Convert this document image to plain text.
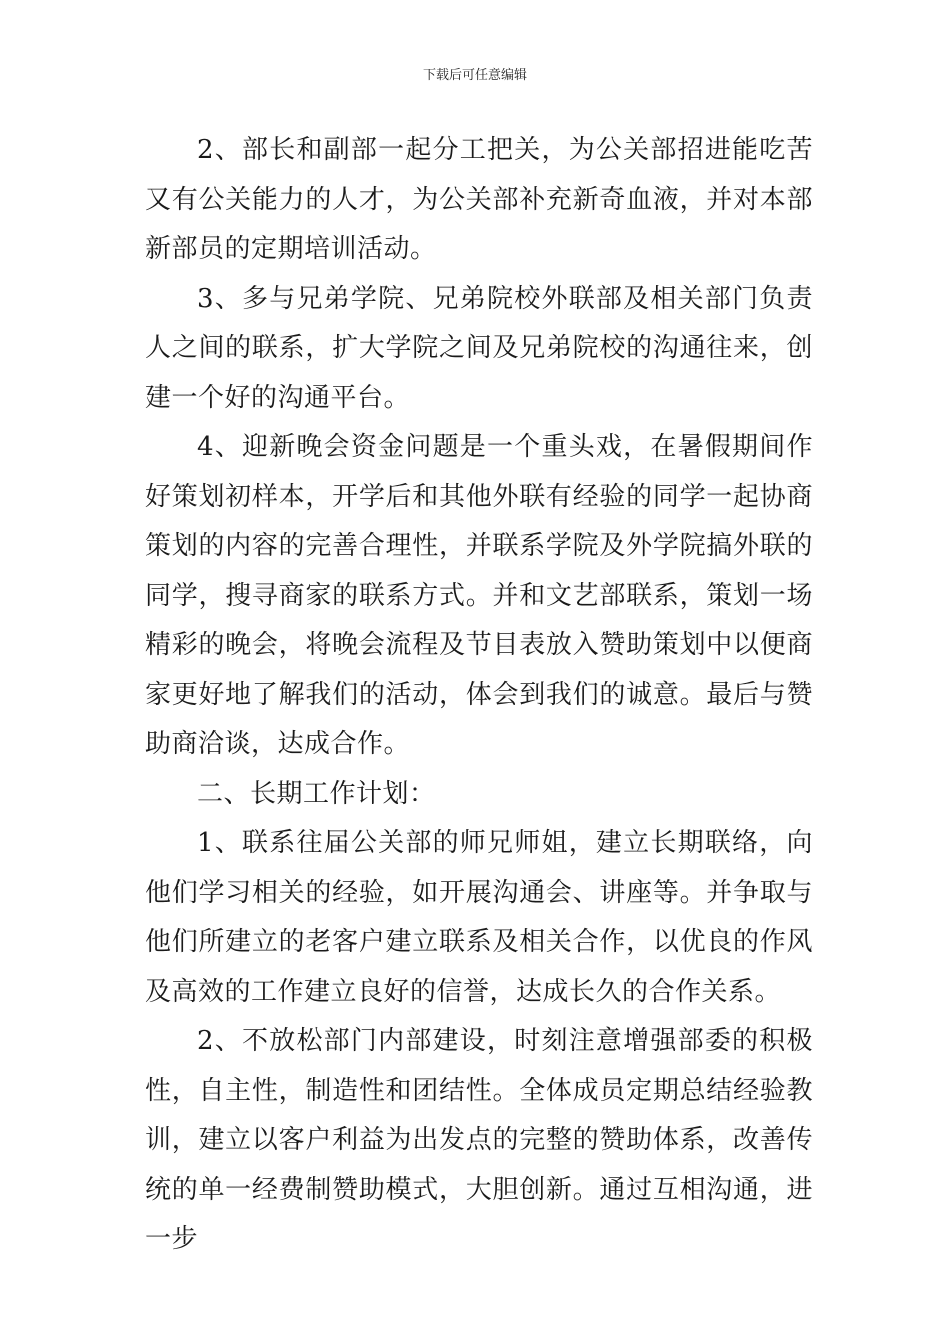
下载后可任意编辑

2、部长和副部一起分工把关，为公关部招进能吃苦又有公关能力的人才，为公关部补充新奇血液，并对本部新部员的定期培训活动。

3、多与兄弟学院、兄弟院校外联部及相关部门负责人之间的联系，扩大学院之间及兄弟院校的沟通往来，创建一个好的沟通平台。

4、迎新晚会资金问题是一个重头戏，在暑假期间作好策划初样本，开学后和其他外联有经验的同学一起协商策划的内容的完善合理性，并联系学院及外学院搞外联的同学，搜寻商家的联系方式。并和文艺部联系，策划一场精彩的晚会，将晚会流程及节目表放入赞助策划中以便商家更好地了解我们的活动，体会到我们的诚意。最后与赞助商洽谈，达成合作。

二、长期工作计划：

1、联系往届公关部的师兄师姐，建立长期联络，向他们学习相关的经验，如开展沟通会、讲座等。并争取与他们所建立的老客户建立联系及相关合作，以优良的作风及高效的工作建立良好的信誉，达成长久的合作关系。

2、不放松部门内部建设，时刻注意增强部委的积极性，自主性，制造性和团结性。全体成员定期总结经验教训，建立以客户利益为出发点的完整的赞助体系，改善传统的单一经费制赞助模式，大胆创新。通过互相沟通，进一步
